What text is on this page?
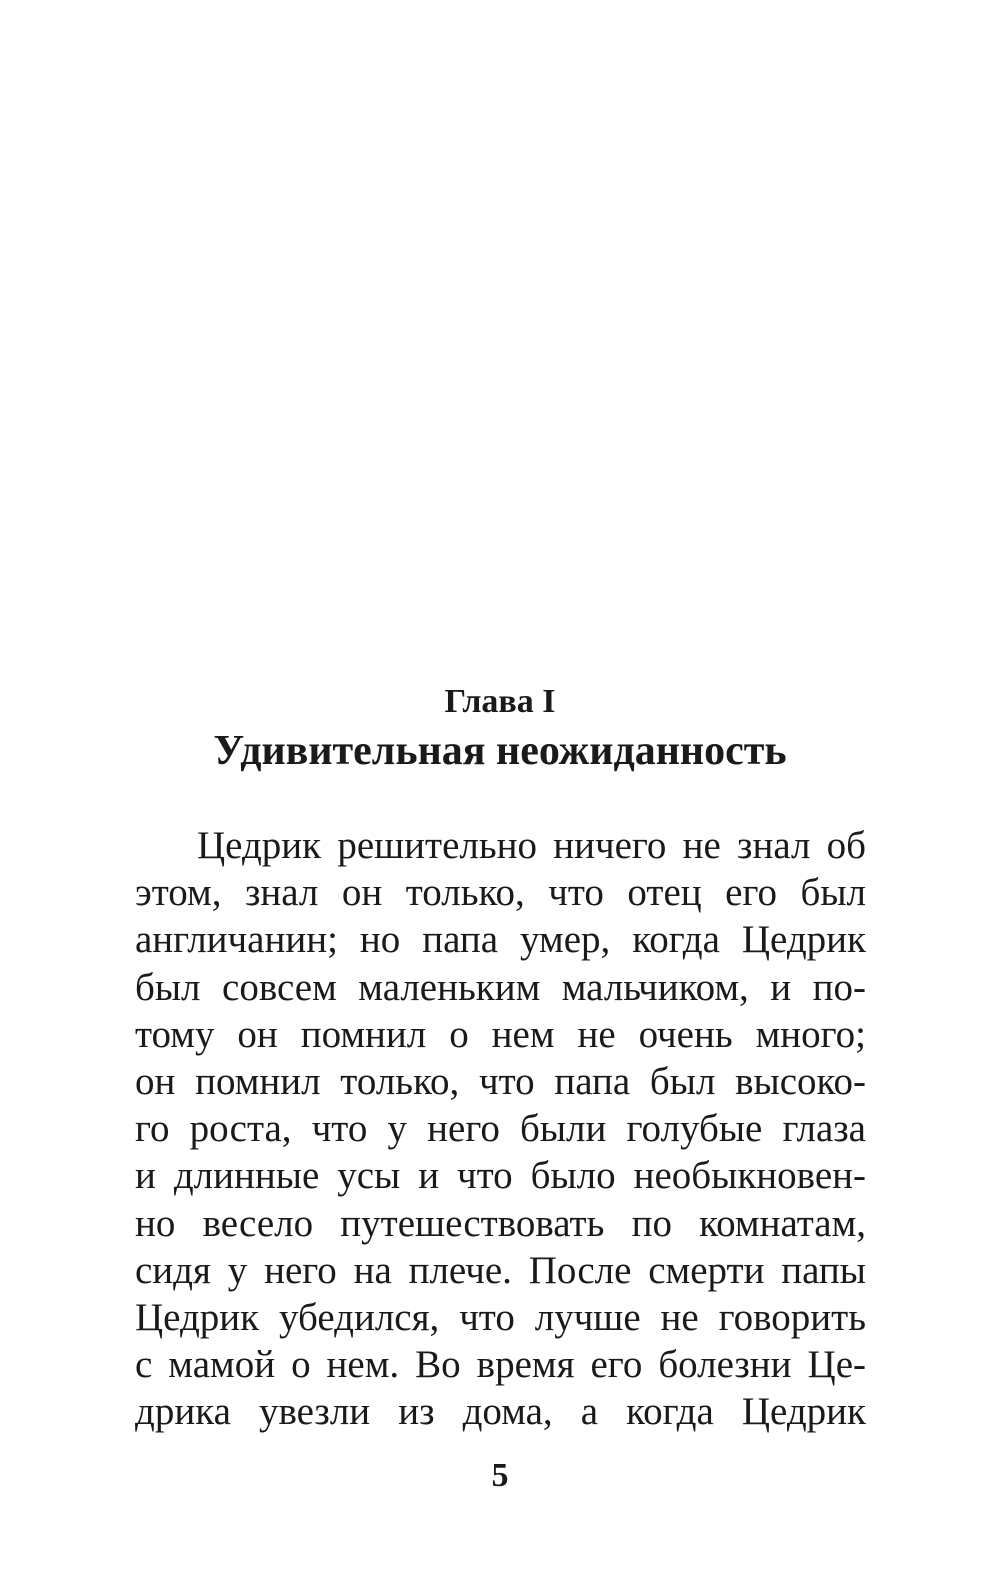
Глава I
Удивительная неожиданность
Цедрик решительно ничего не знал об
этом, знал он только, что отец его был
англичанин; но папа умер, когда Цедрик
был совсем маленьким мальчиком, и по-
тому он помнил о нем не очень много;
он помнил только, что папа был высоко-
го роста, что у него были голубые глаза
и длинные усы и что было необыкновен-
но весело путешествовать по комнатам,
сидя у него на плече. После смерти папы
Цедрик убедился, что лучше не говорить
с мамой о нем. Во время его болезни Це-
дрика увезли из дома, а когда Цедрик
5
